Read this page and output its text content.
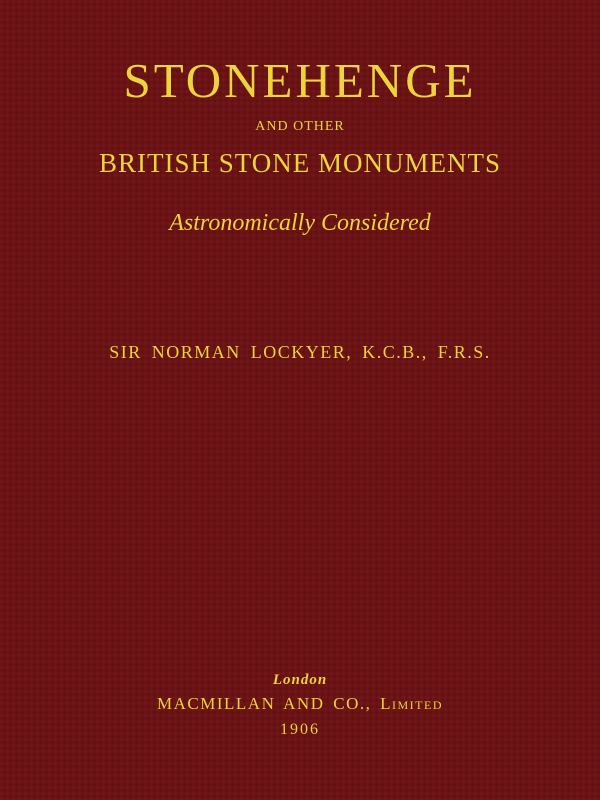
STONEHENGE
AND OTHER
BRITISH STONE MONUMENTS
Astronomically Considered
SIR NORMAN LOCKYER, K.C.B., F.R.S.
London
MACMILLAN AND CO., Limited
1906
